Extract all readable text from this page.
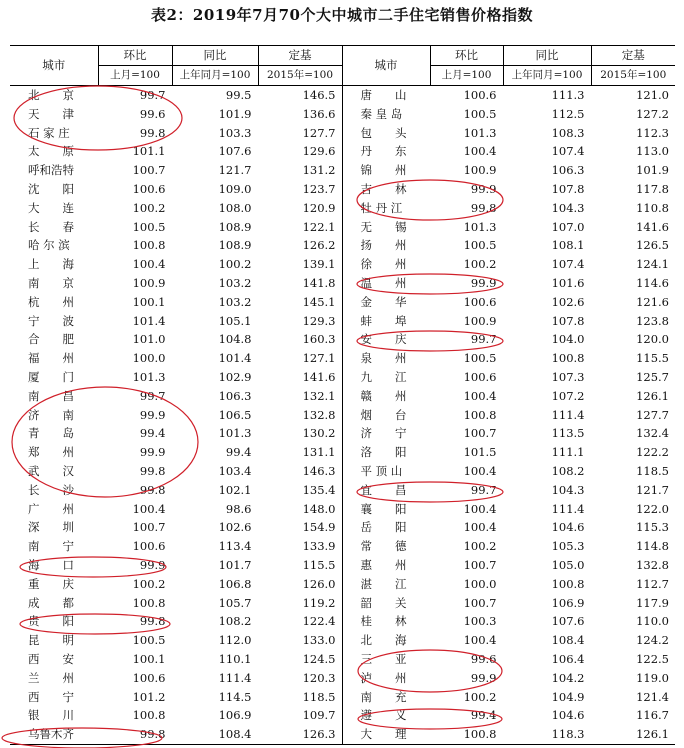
表2：2019年7月70个大中城市二手住宅销售价格指数
城市	环比	同比	定基	城市	环比	同比	定基
	上月=100	上年同月=100	2015年=100		上月=100	上年同月=100	2015年=100
北　　京	99.7	99.5	146.5	唐　　山	100.6	111.3	121.0
天　　津	99.6	101.9	136.6	秦 皇 岛	100.5	112.5	127.2
石 家 庄	99.8	103.3	127.7	包　　头	101.3	108.3	112.3
太　　原	101.1	107.6	129.6	丹　　东	100.4	107.4	113.0
呼和浩特	100.7	121.7	131.2	锦　　州	100.9	106.3	101.9
沈　　阳	100.6	109.0	123.7	吉　　林	99.9	107.8	117.8
大　　连	100.2	108.0	120.9	牡 丹 江	99.8	104.3	110.8
长　　春	100.5	108.9	122.1	无　　锡	101.3	107.0	141.6
哈 尔 滨	100.8	108.9	126.2	扬　　州	100.5	108.1	126.5
上　　海	100.4	100.2	139.1	徐　　州	100.2	107.4	124.1
南　　京	100.9	103.2	141.8	温　　州	99.9	101.6	114.6
杭　　州	100.1	103.2	145.1	金　　华	100.6	102.6	121.6
宁　　波	101.4	105.1	129.3	蚌　　埠	100.9	107.8	123.8
合　　肥	101.0	104.8	160.3	安　　庆	99.7	104.0	120.0
福　　州	100.0	101.4	127.1	泉　　州	100.5	100.8	115.5
厦　　门	101.3	102.9	141.6	九　　江	100.6	107.3	125.7
南　　昌	99.7	106.3	132.1	赣　　州	100.4	107.2	126.1
济　　南	99.9	106.5	132.8	烟　　台	100.8	111.4	127.7
青　　岛	99.4	101.3	130.2	济　　宁	100.7	113.5	132.4
郑　　州	99.9	99.4	131.1	洛　　阳	101.5	111.1	122.2
武　　汉	99.8	103.4	146.3	平 顶 山	100.4	108.2	118.5
长　　沙	99.8	102.1	135.4	宜　　昌	99.7	104.3	121.7
广　　州	100.4	98.6	148.0	襄　　阳	100.4	111.4	122.0
深　　圳	100.7	102.6	154.9	岳　　阳	100.4	104.6	115.3
南　　宁	100.6	113.4	133.9	常　　德	100.2	105.3	114.8
海　　口	99.9	101.7	115.5	惠　　州	100.7	105.0	132.8
重　　庆	100.2	106.8	126.0	湛　　江	100.0	100.8	112.7
成　　都	100.8	105.7	119.2	韶　　关	100.7	106.9	117.9
贵　　阳	99.8	108.2	122.4	桂　　林	100.3	107.6	110.0
昆　　明	100.5	112.0	133.0	北　　海	100.4	108.4	124.2
西　　安	100.1	110.1	124.5	三　　亚	99.6	106.4	122.5
兰　　州	100.6	111.4	120.3	泸　　州	99.9	104.2	119.0
西　　宁	101.2	114.5	118.5	南　　充	100.2	104.9	121.4
银　　川	100.8	106.9	109.7	遵　　义	99.4	104.6	116.7
乌鲁木齐	99.8	108.4	126.3	大　　理	100.8	118.3	126.1
